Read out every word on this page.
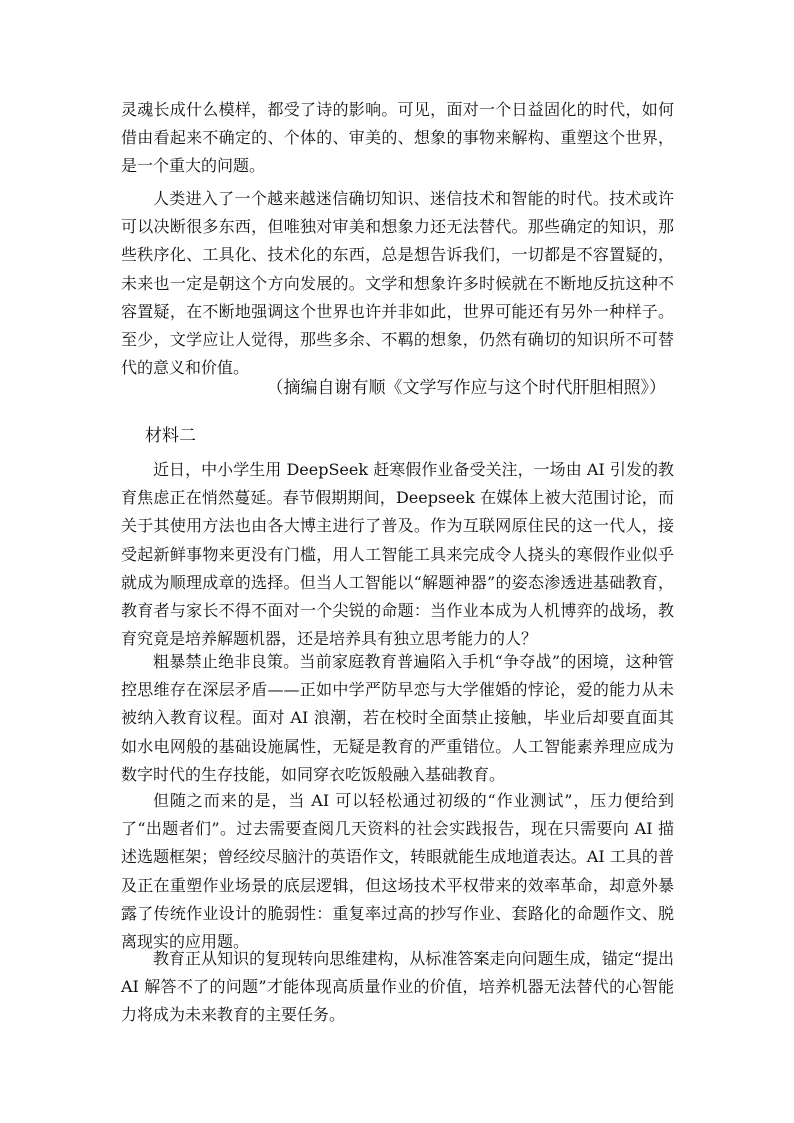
灵魂长成什么模样，都受了诗的影响。可见，面对一个日益固化的时代，如何借由看起来不确定的、个体的、审美的、想象的事物来解构、重塑这个世界，是一个重大的问题。

人类进入了一个越来越迷信确切知识、迷信技术和智能的时代。技术或许可以决断很多东西，但唯独对审美和想象力还无法替代。那些确定的知识，那些秩序化、工具化、技术化的东西，总是想告诉我们，一切都是不容置疑的，未来也一定是朝这个方向发展的。文学和想象许多时候就在不断地反抗这种不容置疑，在不断地强调这个世界也许并非如此，世界可能还有另外一种样子。至少，文学应让人觉得，那些多余、不羁的想象，仍然有确切的知识所不可替代的意义和价值。

（摘编自谢有顺《文学写作应与这个时代肝胆相照》）

材料二

近日，中小学生用 DeepSeek 赶寒假作业备受关注，一场由 AI 引发的教育焦虑正在悄然蔓延。春节假期期间，Deepseek 在媒体上被大范围讨论，而关于其使用方法也由各大博主进行了普及。作为互联网原住民的这一代人，接受起新鲜事物来更没有门槛，用人工智能工具来完成令人挠头的寒假作业似乎就成为顺理成章的选择。但当人工智能以“解题神器”的姿态渗透进基础教育，教育者与家长不得不面对一个尖锐的命题：当作业本成为人机博弈的战场，教育究竟是培养解题机器，还是培养具有独立思考能力的人？

粗暴禁止绝非良策。当前家庭教育普遍陷入手机“争夺战”的困境，这种管控思维存在深层矛盾——正如中学严防早恋与大学催婚的悖论，爱的能力从未被纳入教育议程。面对 AI 浪潮，若在校时全面禁止接触，毕业后却要直面其如水电网般的基础设施属性，无疑是教育的严重错位。人工智能素养理应成为数字时代的生存技能，如同穿衣吃饭般融入基础教育。

但随之而来的是，当 AI 可以轻松通过初级的“作业测试”，压力便给到了“出题者们”。过去需要查阅几天资料的社会实践报告，现在只需要向 AI 描述选题框架；曾经绞尽脑汁的英语作文，转眼就能生成地道表达。AI 工具的普及正在重塑作业场景的底层逻辑，但这场技术平权带来的效率革命，却意外暴露了传统作业设计的脆弱性：重复率过高的抄写作业、套路化的命题作文、脱离现实的应用题。

教育正从知识的复现转向思维建构，从标准答案走向问题生成，锚定“提出 AI 解答不了的问题”才能体现高质量作业的价值，培养机器无法替代的心智能力将成为未来教育的主要任务。
